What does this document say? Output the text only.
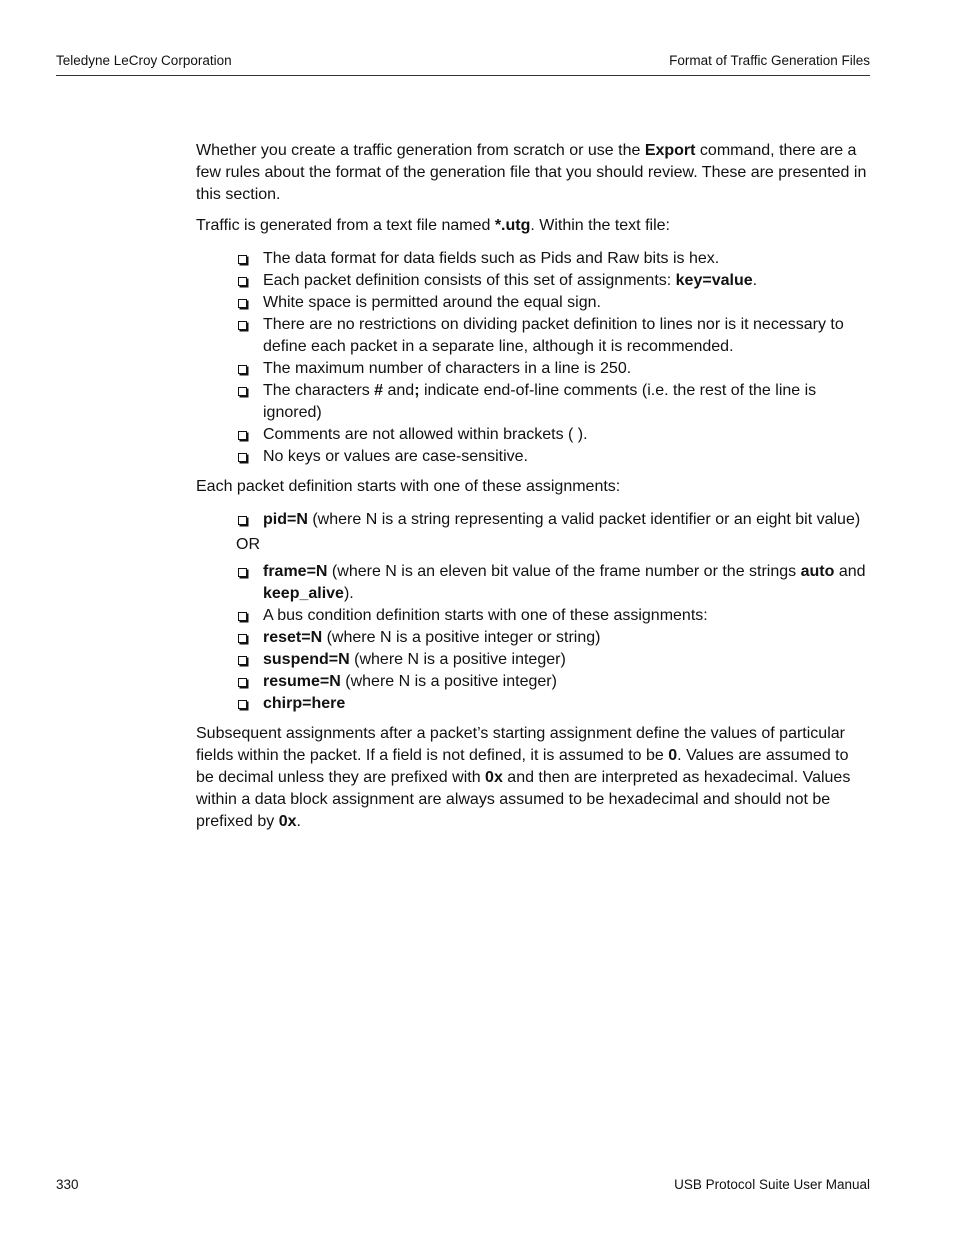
Teledyne LeCroy Corporation	Format of Traffic Generation Files

Whether you create a traffic generation from scratch or use the Export command, there are a few rules about the format of the generation file that you should review. These are presented in this section.

Traffic is generated from a text file named *.utg. Within the text file:

The data format for data fields such as Pids and Raw bits is hex.
Each packet definition consists of this set of assignments: key=value.
White space is permitted around the equal sign.
There are no restrictions on dividing packet definition to lines nor is it necessary to define each packet in a separate line, although it is recommended.
The maximum number of characters in a line is 250.
The characters # and; indicate end-of-line comments (i.e. the rest of the line is ignored)
Comments are not allowed within brackets ( ).
No keys or values are case-sensitive.

Each packet definition starts with one of these assignments:

pid=N (where N is a string representing a valid packet identifier or an eight bit value)
OR
frame=N (where N is an eleven bit value of the frame number or the strings auto and keep_alive).
A bus condition definition starts with one of these assignments:
reset=N (where N is a positive integer or string)
suspend=N (where N is a positive integer)
resume=N (where N is a positive integer)
chirp=here

Subsequent assignments after a packet’s starting assignment define the values of particular fields within the packet. If a field is not defined, it is assumed to be 0. Values are assumed to be decimal unless they are prefixed with 0x and then are interpreted as hexadecimal. Values within a data block assignment are always assumed to be hexadecimal and should not be prefixed by 0x.

330	USB Protocol Suite User Manual
